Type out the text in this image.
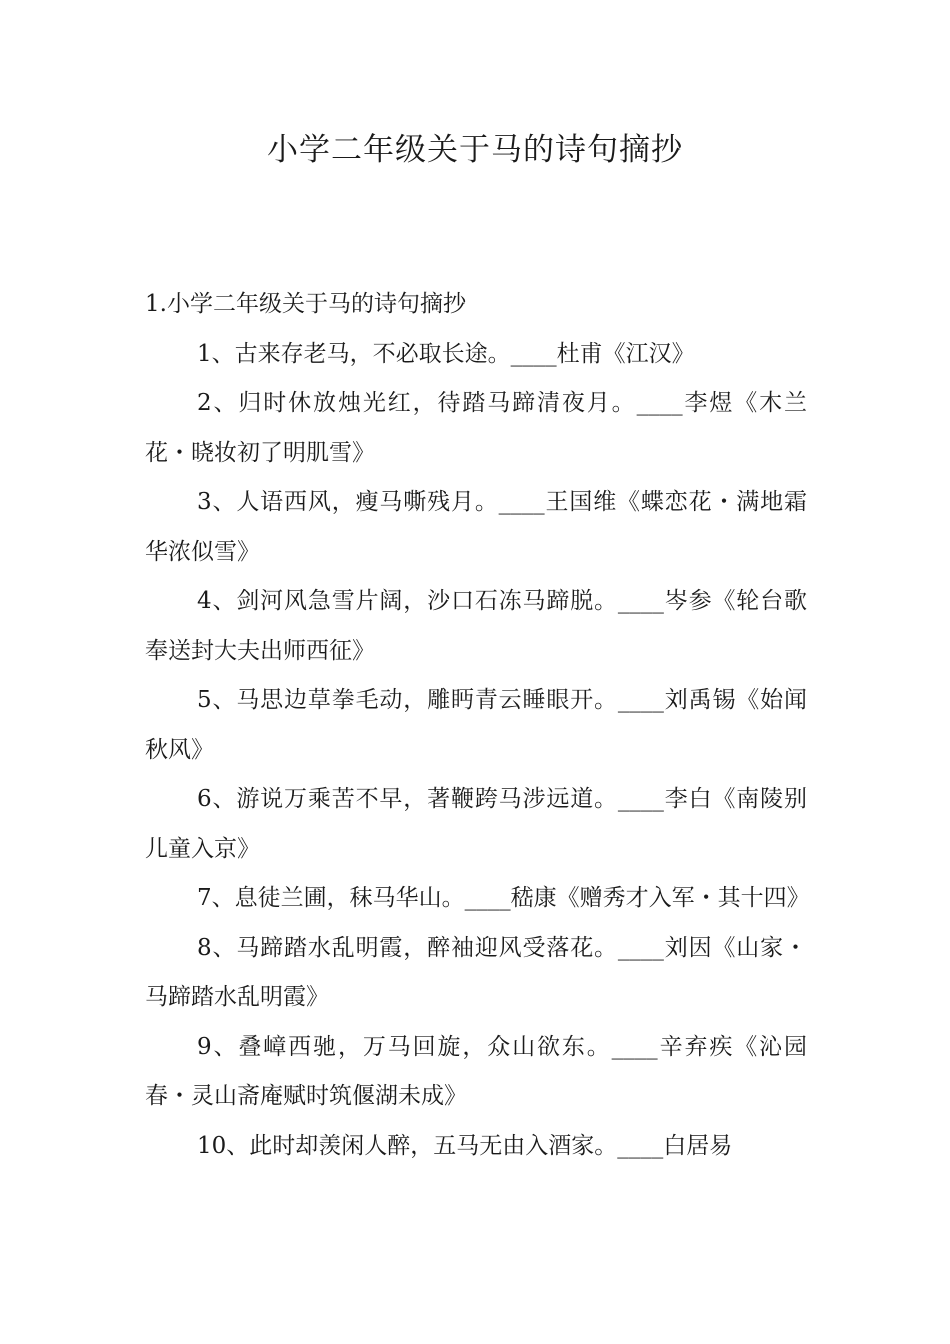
小学二年级关于马的诗句摘抄

1.小学二年级关于马的诗句摘抄

1、古来存老马，不必取长途。____杜甫《江汉》

2、归时休放烛光红，待踏马蹄清夜月。____李煜《木兰花・晓妆初了明肌雪》

3、人语西风，瘦马嘶残月。____王国维《蝶恋花・满地霜华浓似雪》

4、剑河风急雪片阔，沙口石冻马蹄脱。____岑参《轮台歌奉送封大夫出师西征》

5、马思边草拳毛动，雕眄青云睡眼开。____刘禹锡《始闻秋风》

6、游说万乘苦不早，著鞭跨马涉远道。____李白《南陵别儿童入京》

7、息徒兰圃，秣马华山。____嵇康《赠秀才入军・其十四》

8、马蹄踏水乱明霞，醉袖迎风受落花。____刘因《山家・马蹄踏水乱明霞》

9、叠嶂西驰，万马回旋，众山欲东。____辛弃疾《沁园春・灵山斋庵赋时筑偃湖未成》

10、此时却羡闲人醉，五马无由入酒家。____白居易
